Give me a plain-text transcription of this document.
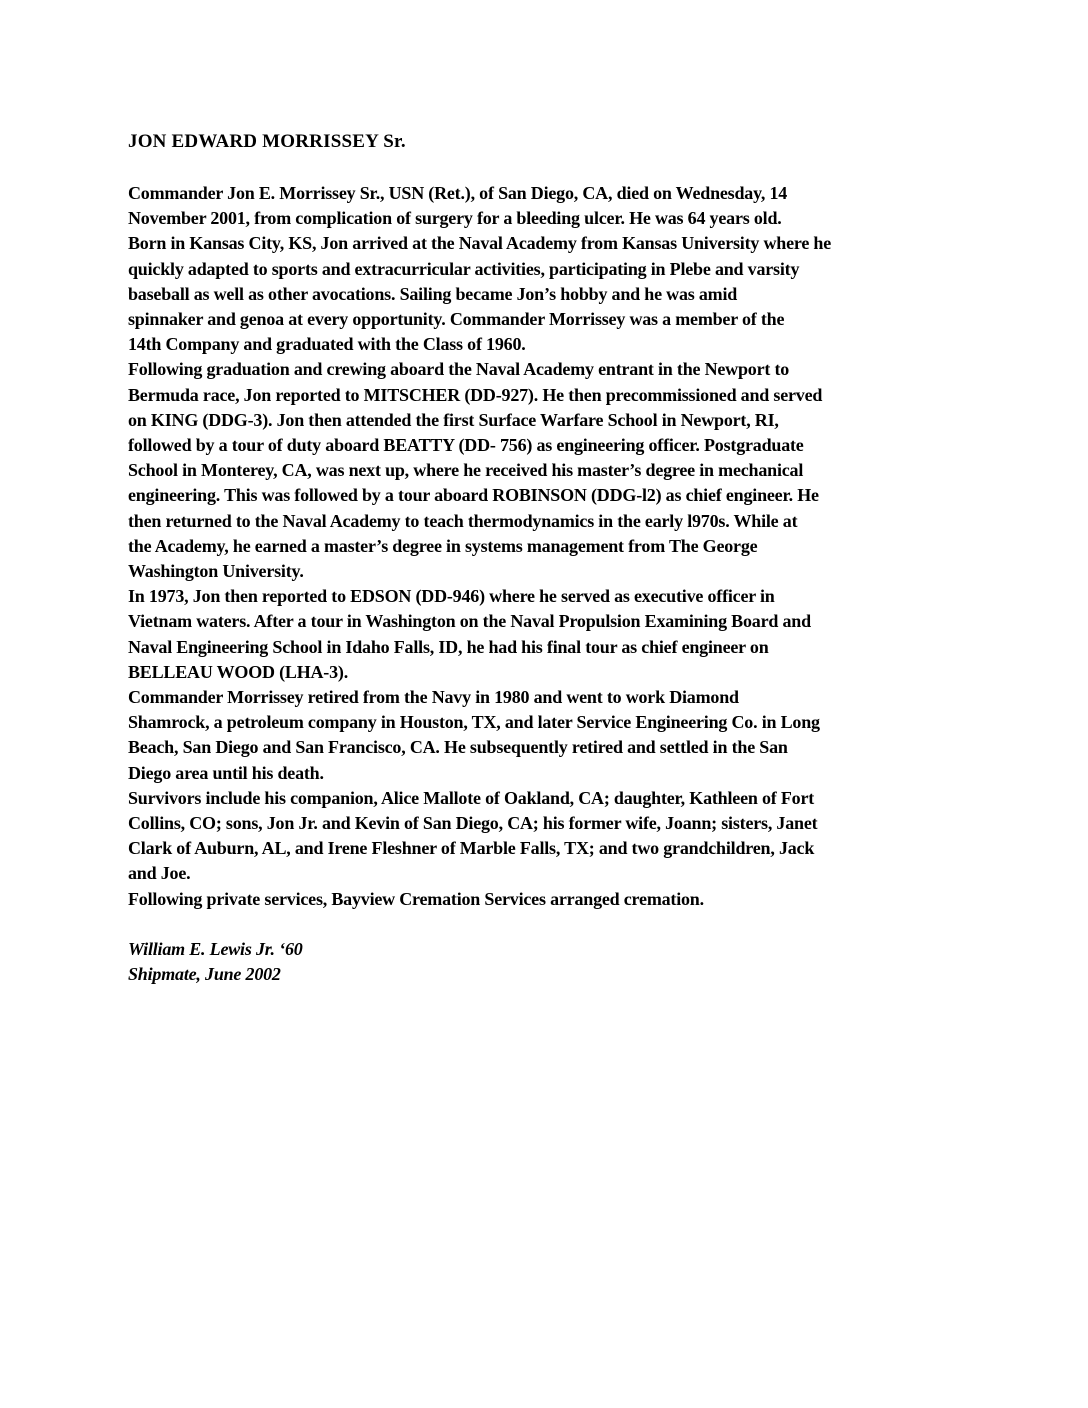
JON EDWARD MORRISSEY Sr.
Commander Jon E. Morrissey Sr., USN (Ret.), of San Diego, CA, died on Wednesday, 14
November 2001, from complication of surgery for a bleeding ulcer. He was 64 years old.
Born in Kansas City, KS, Jon arrived at the Naval Academy from Kansas University where he
quickly adapted to sports and extracurricular activities, participating in Plebe and varsity
baseball as well as other avocations. Sailing became Jon’s hobby and he was amid
spinnaker and genoa at every opportunity. Commander Morrissey was a member of the
14th Company and graduated with the Class of 1960.
Following graduation and crewing aboard the Naval Academy entrant in the Newport to
Bermuda race, Jon reported to MITSCHER (DD-927). He then precommissioned and served
on KING (DDG-3). Jon then attended the first Surface Warfare School in Newport, RI,
followed by a tour of duty aboard BEATTY (DD- 756) as engineering officer. Postgraduate
School in Monterey, CA, was next up, where he received his master’s degree in mechanical
engineering. This was followed by a tour aboard ROBINSON (DDG-l2) as chief engineer. He
then returned to the Naval Academy to teach thermodynamics in the early l970s. While at
the Academy, he earned a master’s degree in systems management from The George
Washington University.
In 1973, Jon then reported to EDSON (DD-946) where he served as executive officer in
Vietnam waters. After a tour in Washington on the Naval Propulsion Examining Board and
Naval Engineering School in Idaho Falls, ID, he had his final tour as chief engineer on
BELLEAU WOOD (LHA-3).
Commander Morrissey retired from the Navy in 1980 and went to work Diamond
Shamrock, a petroleum company in Houston, TX, and later Service Engineering Co. in Long
Beach, San Diego and San Francisco, CA. He subsequently retired and settled in the San
Diego area until his death.
Survivors include his companion, Alice Mallote of Oakland, CA; daughter, Kathleen of Fort
Collins, CO; sons, Jon Jr. and Kevin of San Diego, CA; his former wife, Joann; sisters, Janet
Clark of Auburn, AL, and Irene Fleshner of Marble Falls, TX; and two grandchildren, Jack
and Joe.
Following private services, Bayview Cremation Services arranged cremation.
William E. Lewis Jr. ‘60
Shipmate, June 2002
